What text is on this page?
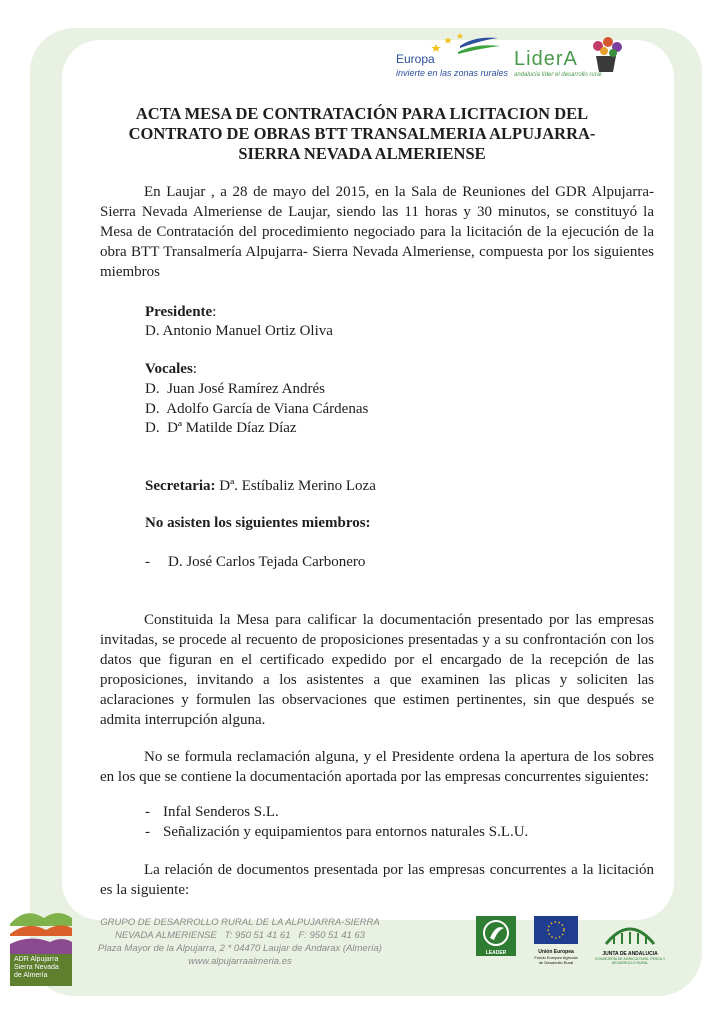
Europa
invierte en las zonas rurales
LiderA
andalucía líder el desarrollo rural
ACTA MESA DE CONTRATACIÓN PARA LICITACION DEL CONTRATO DE OBRAS BTT TRANSALMERIA ALPUJARRA-SIERRA NEVADA ALMERIENSE
En Laujar , a 28 de mayo del 2015, en la Sala de Reuniones del GDR Alpujarra-Sierra Nevada Almeriense de Laujar, siendo las 11 horas y 30 minutos, se constituyó la Mesa de Contratación del procedimiento negociado para la licitación de la ejecución de la obra BTT Transalmería Alpujarra- Sierra Nevada Almeriense, compuesta por los siguientes miembros
Presidente:
D. Antonio Manuel Ortiz Oliva
Vocales:
D.  Juan José Ramírez Andrés
D.  Adolfo García de Viana Cárdenas
D.  Dª Matilde Díaz Díaz
Secretaria: Dª. Estíbaliz Merino Loza
No asisten los siguientes miembros:
- D. José Carlos Tejada Carbonero
Constituida la Mesa para calificar la documentación presentado por las empresas invitadas, se procede al recuento de proposiciones presentadas y a su confrontación con los datos que figuran en el certificado expedido por el encargado de la recepción de las proposiciones, invitando a los asistentes a que examinen las plicas y soliciten las aclaraciones y formulen las observaciones que estimen pertinentes, sin que después se admita interrupción alguna.
No se formula reclamación alguna, y el Presidente ordena la apertura de los sobres en los que se contiene la documentación aportada por las empresas concurrentes siguientes:
- Infal Senderos S.L.
- Señalización y equipamientos para entornos naturales S.L.U.
La relación de documentos presentada por las empresas concurrentes a la licitación es la siguiente:
ADR Alpujarra
Sierra Nevada
de Almería
GRUPO DE DESARROLLO RURAL DE LA ALPUJARRA-SIERRA
NEVADA ALMERIENSE   T: 950 51 41 61   F: 950 51 41 63
Plaza Mayor de la Alpujarra, 2 * 04470 Laujar de Andarax (Almería)
www.alpujarraalmeria.es
LEADER	Unión Europea
Fondo Europeo Agrícola de Desarrollo Rural
JUNTA DE ANDALUCIA
CONSEJERÍA DE AGRICULTURA, PESCA Y DESARROLLO RURAL
